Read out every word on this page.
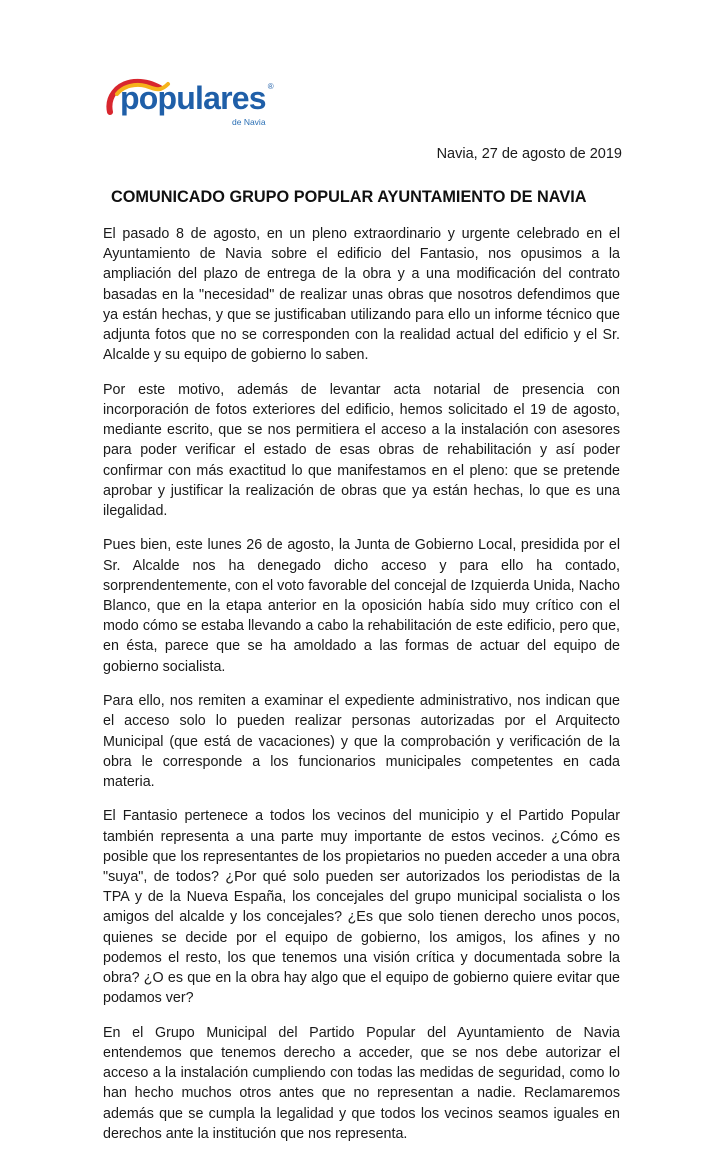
populares ®
de Navia
Navia, 27 de agosto de 2019
COMUNICADO GRUPO POPULAR AYUNTAMIENTO DE NAVIA

El pasado 8 de agosto, en un pleno extraordinario y urgente celebrado en el Ayuntamiento de Navia sobre el edificio del Fantasio, nos opusimos a la ampliación del plazo de entrega de la obra y a una modificación del contrato basadas en la "necesidad" de realizar unas obras que nosotros defendimos que ya están hechas, y que se justificaban utilizando para ello un informe técnico que adjunta fotos que no se corresponden con la realidad actual del edificio y el Sr. Alcalde y su equipo de gobierno lo saben.

Por este motivo, además de levantar acta notarial de presencia con incorporación de fotos exteriores del edificio, hemos solicitado el 19 de agosto, mediante escrito, que se nos permitiera el acceso a la instalación con asesores para poder verificar el estado de esas obras de rehabilitación y así poder confirmar con más exactitud lo que manifestamos en el pleno: que se pretende aprobar y justificar la realización de obras que ya están hechas, lo que es una ilegalidad.

Pues bien, este lunes 26 de agosto, la Junta de Gobierno Local, presidida por el Sr. Alcalde nos ha denegado dicho acceso y para ello ha contado, sorprendentemente, con el voto favorable del concejal de Izquierda Unida, Nacho Blanco, que en la etapa anterior en la oposición había sido muy crítico con el modo cómo se estaba llevando a cabo la rehabilitación de este edificio, pero que, en ésta, parece que se ha amoldado a las formas de actuar del equipo de gobierno socialista.

Para ello, nos remiten a examinar el expediente administrativo, nos indican que el acceso solo lo pueden realizar personas autorizadas por el Arquitecto Municipal (que está de vacaciones) y que la comprobación y verificación de la obra le corresponde a los funcionarios municipales competentes en cada materia.

El Fantasio pertenece a todos los vecinos del municipio y el Partido Popular también representa a una parte muy importante de estos vecinos. ¿Cómo es posible que los representantes de los propietarios no pueden acceder a una obra "suya", de todos? ¿Por qué solo pueden ser autorizados los periodistas de la TPA y de la Nueva España, los concejales del grupo municipal socialista o los amigos del alcalde y los concejales? ¿Es que solo tienen derecho unos pocos, quienes se decide por el equipo de gobierno, los amigos, los afines y no podemos el resto, los que tenemos una visión crítica y documentada sobre la obra? ¿O es que en la obra hay algo que el equipo de gobierno quiere evitar que podamos ver?

En el Grupo Municipal del Partido Popular del Ayuntamiento de Navia entendemos que tenemos derecho a acceder, que se nos debe autorizar el acceso a la instalación cumpliendo con todas las medidas de seguridad, como lo han hecho muchos otros antes que no representan a nadie. Reclamaremos además que se cumpla la legalidad y que todos los vecinos seamos iguales en derechos ante la institución que nos representa.
